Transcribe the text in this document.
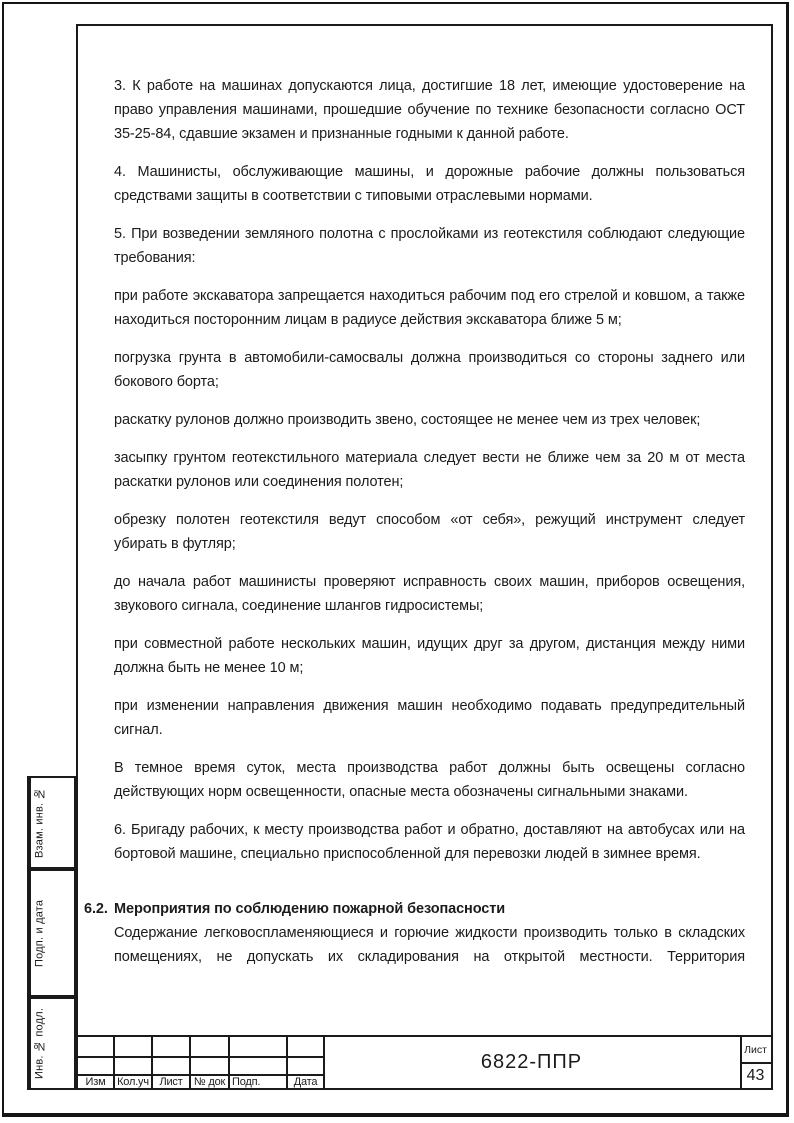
3. К работе на машинах допускаются лица, достигшие 18 лет, имеющие удостоверение на право управления машинами, прошедшие обучение по технике безопасности согласно ОСТ 35-25-84, сдавшие экзамен и признанные годными к данной работе.

4. Машинисты, обслуживающие машины, и дорожные рабочие должны пользоваться средствами защиты в соответствии с типовыми отраслевыми нормами.

5. При возведении земляного полотна с прослойками из геотекстиля соблюдают следующие требования:

при работе экскаватора запрещается находиться рабочим под его стрелой и ковшом, а также находиться посторонним лицам в радиусе действия экскаватора ближе 5 м;

погрузка грунта в автомобили-самосвалы должна производиться со стороны заднего или бокового борта;

раскатку рулонов должно производить звено, состоящее не менее чем из трех человек;

засыпку грунтом геотекстильного материала следует вести не ближе чем за 20 м от места раскатки рулонов или соединения полотен;

обрезку полотен геотекстиля ведут способом «от себя», режущий инструмент следует убирать в футляр;

до начала работ машинисты проверяют исправность своих машин, приборов освещения, звукового сигнала, соединение шлангов гидросистемы;

при совместной работе нескольких машин, идущих друг за другом, дистанция между ними должна быть не менее 10 м;

при изменении направления движения машин необходимо подавать предупредительный сигнал.

В темное время суток, места производства работ должны быть освещены согласно действующих норм освещенности, опасные места обозначены сигнальными знаками.

6. Бригаду рабочих, к месту производства работ и обратно, доставляют на автобусах или на бортовой машине, специально приспособленной для перевозки людей в зимнее время.

6.2. Мероприятия по соблюдению пожарной безопасности

Содержание легковоспламеняющиеся и горючие жидкости производить только в складских помещениях, не допускать их складирования на открытой местности. Территория

Взам. инв. №
Подп. и дата
Инв. № подл.
Изм	Кол.уч Лист	№ док Подп.	Дата
6822-ППР
Лист
43
